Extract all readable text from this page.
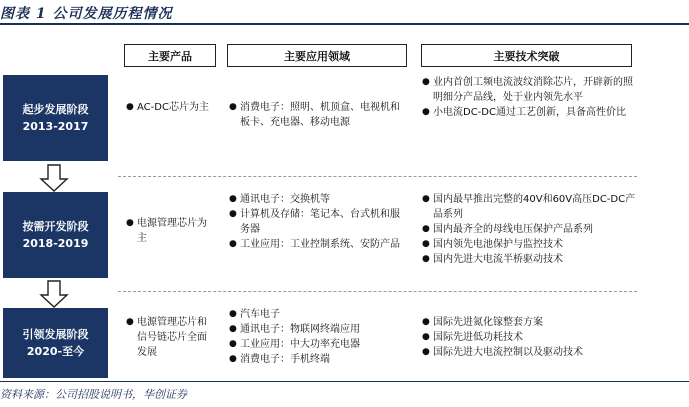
图表 1 公司发展历程情况
主要产品	主要应用领域	主要技术突破
起步发展阶段
2013-2017
● AC-DC芯片为主 ● 消费电子：照明、机顶盒、电视机和板卡、充电器、移动电源
● 业内首创工频电流波纹消除芯片，开辟新的照明细分产品线，处于业内领先水平
● 小电流DC-DC通过工艺创新，具备高性价比
按需开发阶段
2018-2019
● 电源管理芯片为主
● 通讯电子：交换机等
● 计算机及存储：笔记本、台式机和服务器
● 工业应用：工业控制系统、安防产品
● 国内最早推出完整的40V和60V高压DC-DC产品系列
● 国内最齐全的母线电压保护产品系列
● 国内领先电池保护与监控技术
● 国内先进大电流半桥驱动技术
引领发展阶段
2020-至今
● 电源管理芯片和信号链芯片全面发展
● 汽车电子
● 通讯电子：物联网终端应用
● 工业应用：中大功率充电器
● 消费电子：手机终端
● 国际先进氮化镓整套方案
● 国际先进低功耗技术
● 国际先进大电流控制以及驱动技术
资料来源：公司招股说明书，华创证券
